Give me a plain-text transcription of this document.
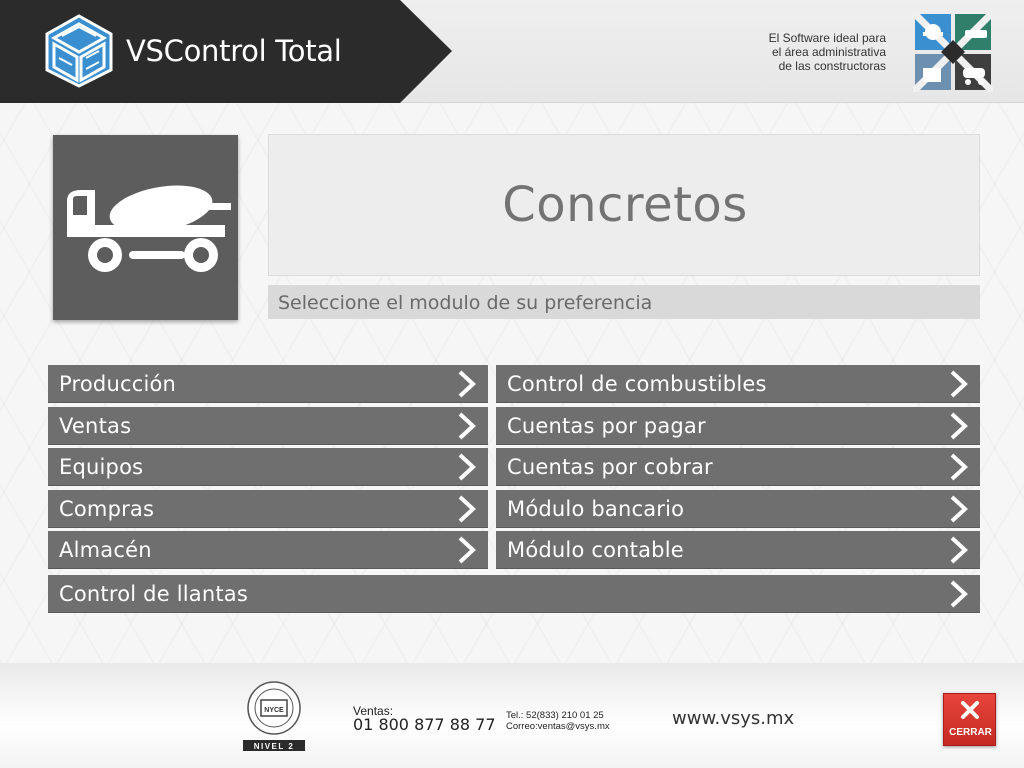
VSControl Total	El Software ideal para
el área administrativa
de las constructoras
Concretos
Seleccione el modulo de su preferencia
Producción
Ventas
Equipos
Compras
Almacén
Control de combustibles
Cuentas por pagar
Cuentas por cobrar
Módulo bancario
Módulo contable
Control de llantas
NYCE
NIVEL 2
Ventas:
01 800 877 88 77 Tel.: 52(833) 210 01 25
Correo:ventas@vsys.mx	www.vsys.mx
CERRAR
